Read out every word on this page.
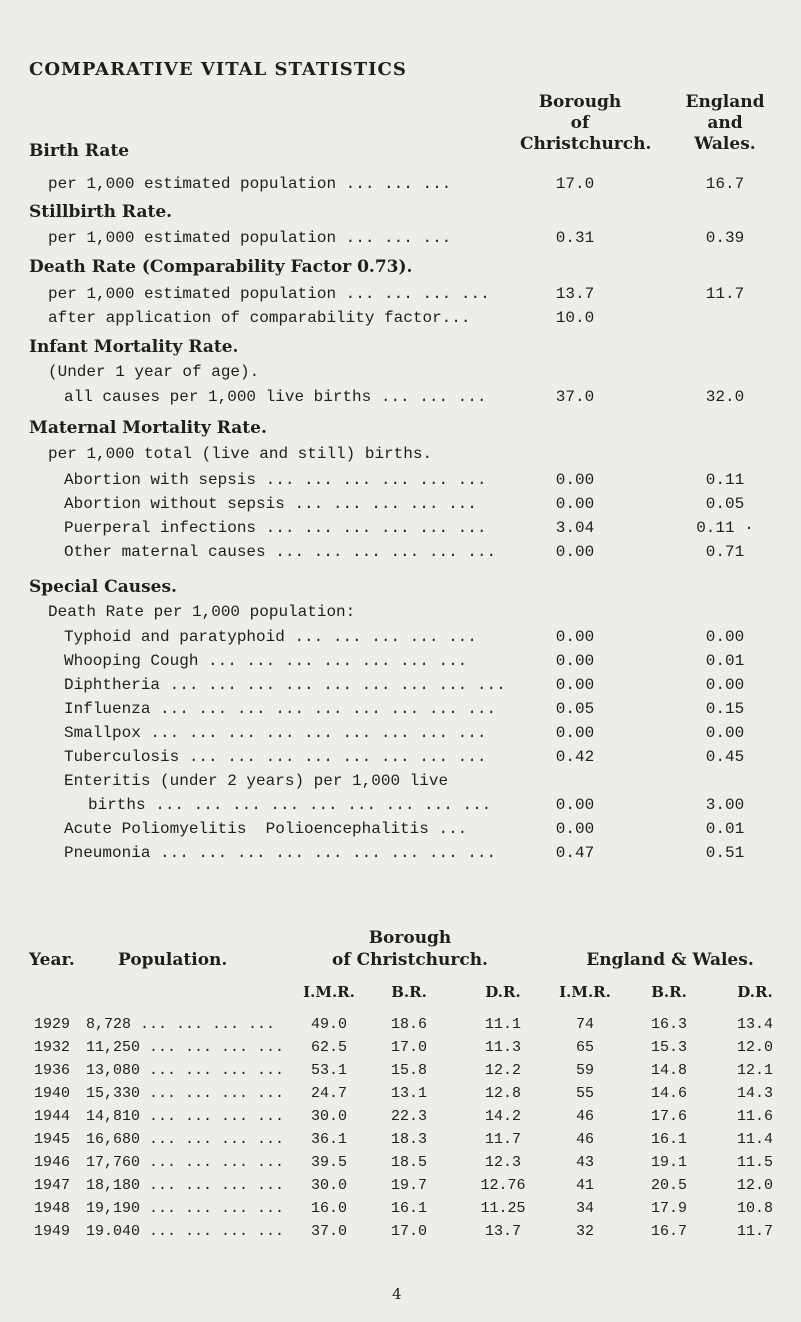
COMPARATIVE VITAL STATISTICS
Borough
of
Christchurch.
England
and
Wales.
Birth Rate
per 1,000 estimated population ... ... ...	17.0	16.7
Stillbirth Rate.
per 1,000 estimated population ... ... ...	0.31	0.39
Death Rate (Comparability Factor 0.73).
per 1,000 estimated population ... ... ... ...	13.7	11.7
after application of comparability factor...	10.0
Infant Mortality Rate.
(Under 1 year of age).
all causes per 1,000 live births ... ... ...	37.0	32.0
Maternal Mortality Rate.
per 1,000 total (live and still) births.
Abortion with sepsis ... ... ... ... ... ...	0.00	0.11
Abortion without sepsis ... ... ... ... ...	0.00	0.05
Puerperal infections ... ... ... ... ... ...	3.04	0.11 ·
Other maternal causes ... ... ... ... ... ...	0.00	0.71
Special Causes.
Death Rate per 1,000 population:
Typhoid and paratyphoid ... ... ... ... ...	0.00	0.00
Whooping Cough ... ... ... ... ... ... ...	0.00	0.01
Diphtheria ... ... ... ... ... ... ... ... ...	0.00	0.00
Influenza ... ... ... ... ... ... ... ... ...	0.05	0.15
Smallpox ... ... ... ... ... ... ... ... ...	0.00	0.00
Tuberculosis ... ... ... ... ... ... ... ...	0.42	0.45
Enteritis (under 2 years) per 1,000 live
births ... ... ... ... ... ... ... ... ...	0.00	3.00
Acute Poliomyelitis  Polioencephalitis ...	0.00	0.01
Pneumonia ... ... ... ... ... ... ... ... ...	0.47	0.51
Borough
Year.	Population.	of Christchurch.	England & Wales.
I.M.R.	B.R.	D.R.	I.M.R.	B.R.	D.R.
1929 8,728 ... ... ... ...	49.0	18.6	11.1	74	16.3	13.4
1932 11,250 ... ... ... ...	62.5	17.0	11.3	65	15.3	12.0
1936 13,080 ... ... ... ...	53.1	15.8	12.2	59	14.8	12.1
1940 15,330 ... ... ... ...	24.7	13.1	12.8	55	14.6	14.3
1944 14,810 ... ... ... ...	30.0	22.3	14.2	46	17.6	11.6
1945 16,680 ... ... ... ...	36.1	18.3	11.7	46	16.1	11.4
1946 17,760 ... ... ... ...	39.5	18.5	12.3	43	19.1	11.5
1947 18,180 ... ... ... ...	30.0	19.7	12.76	41	20.5	12.0
1948 19,190 ... ... ... ...	16.0	16.1	11.25	34	17.9	10.8
1949 19.040 ... ... ... ...	37.0	17.0	13.7	32	16.7	11.7
4
